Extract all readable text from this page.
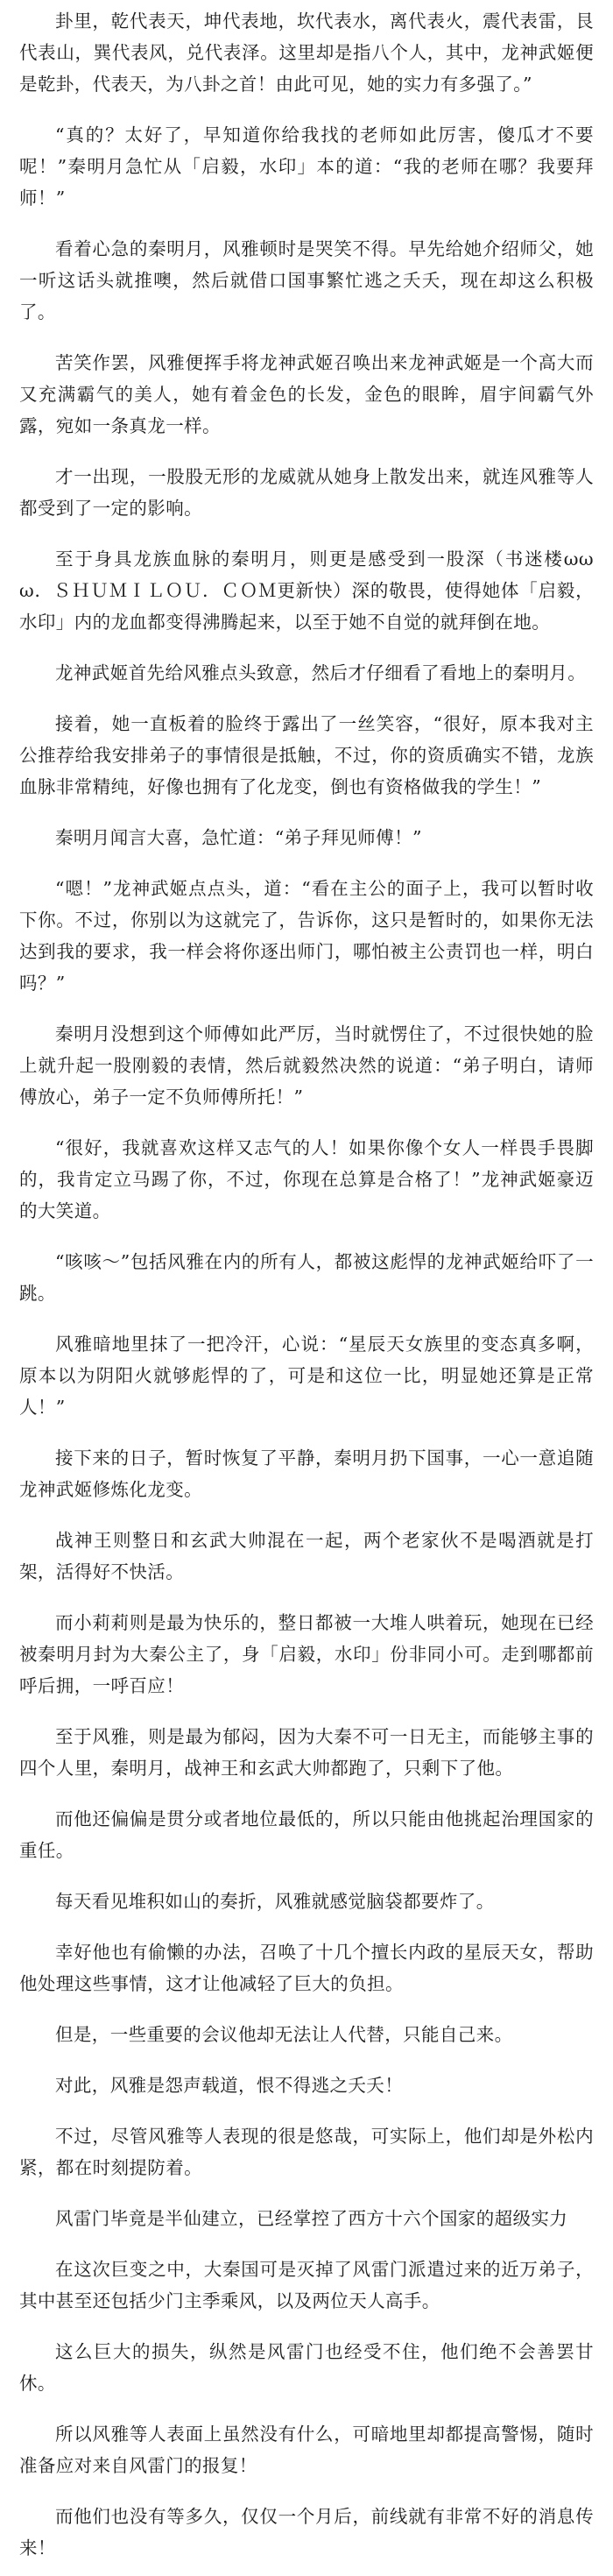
卦里，乾代表天，坤代表地，坎代表水，离代表火，震代表雷，艮代表山，巽代表风，兑代表泽。这里却是指八个人，其中，龙神武姬便是乾卦，代表天，为八卦之首！由此可见，她的实力有多强了。”

“真的？太好了，早知道你给我找的老师如此厉害，傻瓜才不要呢！”秦明月急忙从「启毅，水印」本的道：“我的老师在哪？我要拜师！”

看着心急的秦明月，风雅顿时是哭笑不得。早先给她介绍师父，她一听这话头就推噢，然后就借口国事繁忙逃之夭夭，现在却这么积极了。

苦笑作罢，风雅便挥手将龙神武姬召唤出来龙神武姬是一个高大而又充满霸气的美人，她有着金色的长发，金色的眼眸，眉宇间霸气外露，宛如一条真龙一样。

才一出现，一股股无形的龙威就从她身上散发出来，就连风雅等人都受到了一定的影响。

至于身具龙族血脉的秦明月，则更是感受到一股深（书迷楼ωωω．ＳＨＵＭＩＬＯＵ．ＣＯＭ更新快）深的敬畏，使得她体「启毅，水印」内的龙血都变得沸腾起来，以至于她不自觉的就拜倒在地。

龙神武姬首先给风雅点头致意，然后才仔细看了看地上的秦明月。

接着，她一直板着的脸终于露出了一丝笑容，“很好，原本我对主公推荐给我安排弟子的事情很是抵触，不过，你的资质确实不错，龙族血脉非常精纯，好像也拥有了化龙变，倒也有资格做我的学生！”

秦明月闻言大喜，急忙道：“弟子拜见师傅！”

“嗯！”龙神武姬点点头，道：“看在主公的面子上，我可以暂时收下你。不过，你别以为这就完了，告诉你，这只是暂时的，如果你无法达到我的要求，我一样会将你逐出师门，哪怕被主公责罚也一样，明白吗？”

秦明月没想到这个师傅如此严厉，当时就愣住了，不过很快她的脸上就升起一股刚毅的表情，然后就毅然决然的说道：“弟子明白，请师傅放心，弟子一定不负师傅所托！”

“很好，我就喜欢这样又志气的人！如果你像个女人一样畏手畏脚的，我肯定立马踢了你，不过，你现在总算是合格了！”龙神武姬豪迈的大笑道。

“咳咳～”包括风雅在内的所有人，都被这彪悍的龙神武姬给吓了一跳。

风雅暗地里抹了一把冷汗，心说：“星辰天女族里的变态真多啊，原本以为阴阳火就够彪悍的了，可是和这位一比，明显她还算是正常人！”

接下来的日子，暂时恢复了平静，秦明月扔下国事，一心一意追随龙神武姬修炼化龙变。

战神王则整日和玄武大帅混在一起，两个老家伙不是喝酒就是打架，活得好不快活。

而小莉莉则是最为快乐的，整日都被一大堆人哄着玩，她现在已经被秦明月封为大秦公主了，身「启毅，水印」份非同小可。走到哪都前呼后拥，一呼百应！

至于风雅，则是最为郁闷，因为大秦不可一日无主，而能够主事的四个人里，秦明月，战神王和玄武大帅都跑了，只剩下了他。

而他还偏偏是贯分或者地位最低的，所以只能由他挑起治理国家的重任。

每天看见堆积如山的奏折，风雅就感觉脑袋都要炸了。

幸好他也有偷懒的办法，召唤了十几个擅长内政的星辰天女，帮助他处理这些事情，这才让他减轻了巨大的负担。

但是，一些重要的会议他却无法让人代替，只能自己来。

对此，风雅是怨声载道，恨不得逃之夭夭！

不过，尽管风雅等人表现的很是悠哉，可实际上，他们却是外松内紧，都在时刻提防着。

风雷门毕竟是半仙建立，已经掌控了西方十六个国家的超级实力

在这次巨变之中，大秦国可是灭掉了风雷门派遣过来的近万弟子，其中甚至还包括少门主季乘风，以及两位天人高手。

这么巨大的损失，纵然是风雷门也经受不住，他们绝不会善罢甘休。

所以风雅等人表面上虽然没有什么，可暗地里却都提高警惕，随时准备应对来自风雷门的报复！

而他们也没有等多久，仅仅一个月后，前线就有非常不好的消息传来！
